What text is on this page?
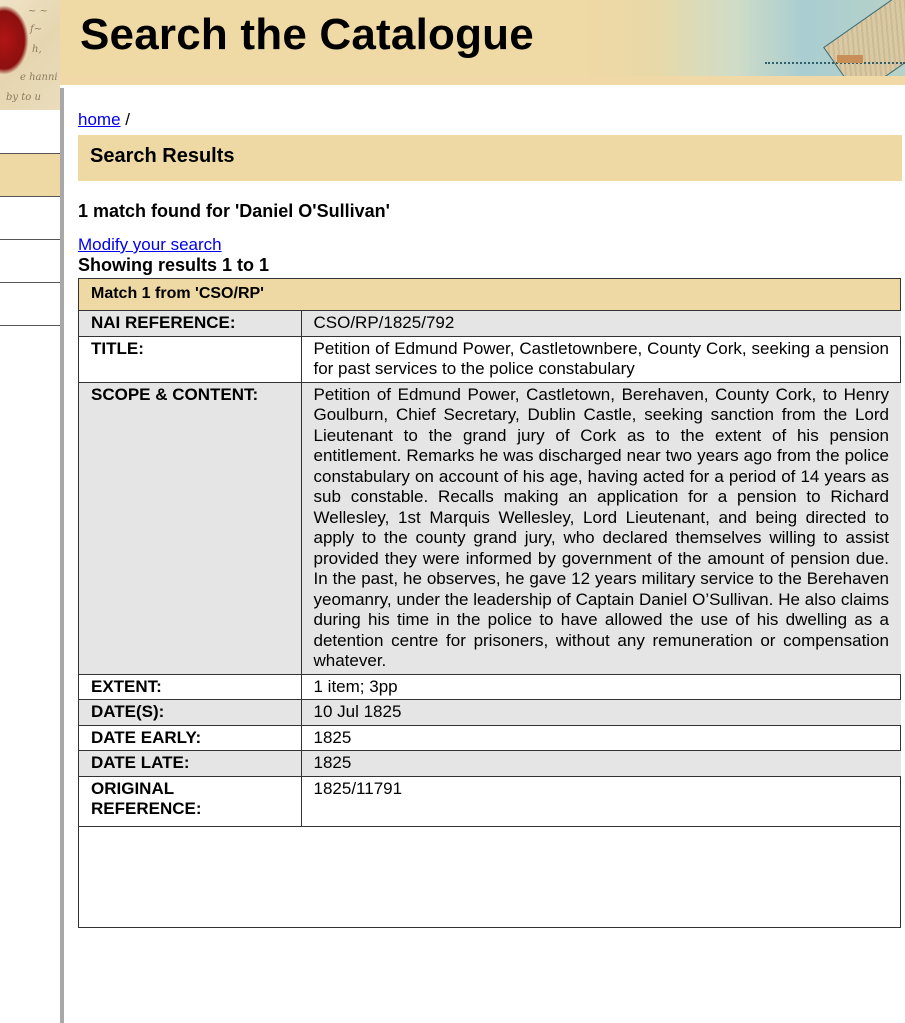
~ ~
f~
h,
e hanni
by to u
Search the Catalogue
home /
Search Results
1 match found for 'Daniel O'Sullivan'
Modify your search
Showing results 1 to 1
Match 1 from 'CSO/RP'
NAI REFERENCE:	CSO/RP/1825/792
TITLE:	Petition of Edmund Power, Castletownbere, County Cork, seeking a pension for past services to the police constabulary
SCOPE & CONTENT:	Petition of Edmund Power, Castletown, Berehaven, County Cork, to Henry Goulburn, Chief Secretary, Dublin Castle, seeking sanction from the Lord Lieutenant to the grand jury of Cork as to the extent of his pension entitlement. Remarks he was discharged near two years ago from the police constabulary on account of his age, having acted for a period of 14 years as sub constable. Recalls making an application for a pension to Richard Wellesley, 1st Marquis Wellesley, Lord Lieutenant, and being directed to apply to the county grand jury, who declared themselves willing to assist provided they were informed by government of the amount of pension due. In the past, he observes, he gave 12 years military service to the Berehaven yeomanry, under the leadership of Captain Daniel O’Sullivan. He also claims during his time in the police to have allowed the use of his dwelling as a detention centre for prisoners, without any remuneration or compensation whatever.
EXTENT:	1 item; 3pp
DATE(S):	10 Jul 1825
DATE EARLY:	1825
DATE LATE:	1825
ORIGINAL REFERENCE:	1825/11791
